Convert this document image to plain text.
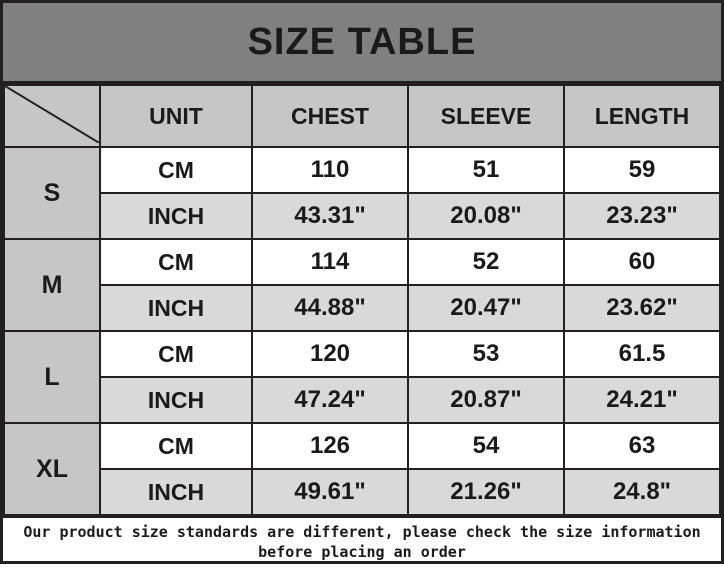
SIZE TABLE
	UNIT	CHEST	SLEEVE	LENGTH
S	CM	110	51	59
	INCH	43.31"	20.08"	23.23"
M	CM	114	52	60
	INCH	44.88"	20.47"	23.62"
L	CM	120	53	61.5
	INCH	47.24"	20.87"	24.21"
XL	CM	126	54	63
	INCH	49.61"	21.26"	24.8"
Our product size standards are different, please check the size information
before placing an order
